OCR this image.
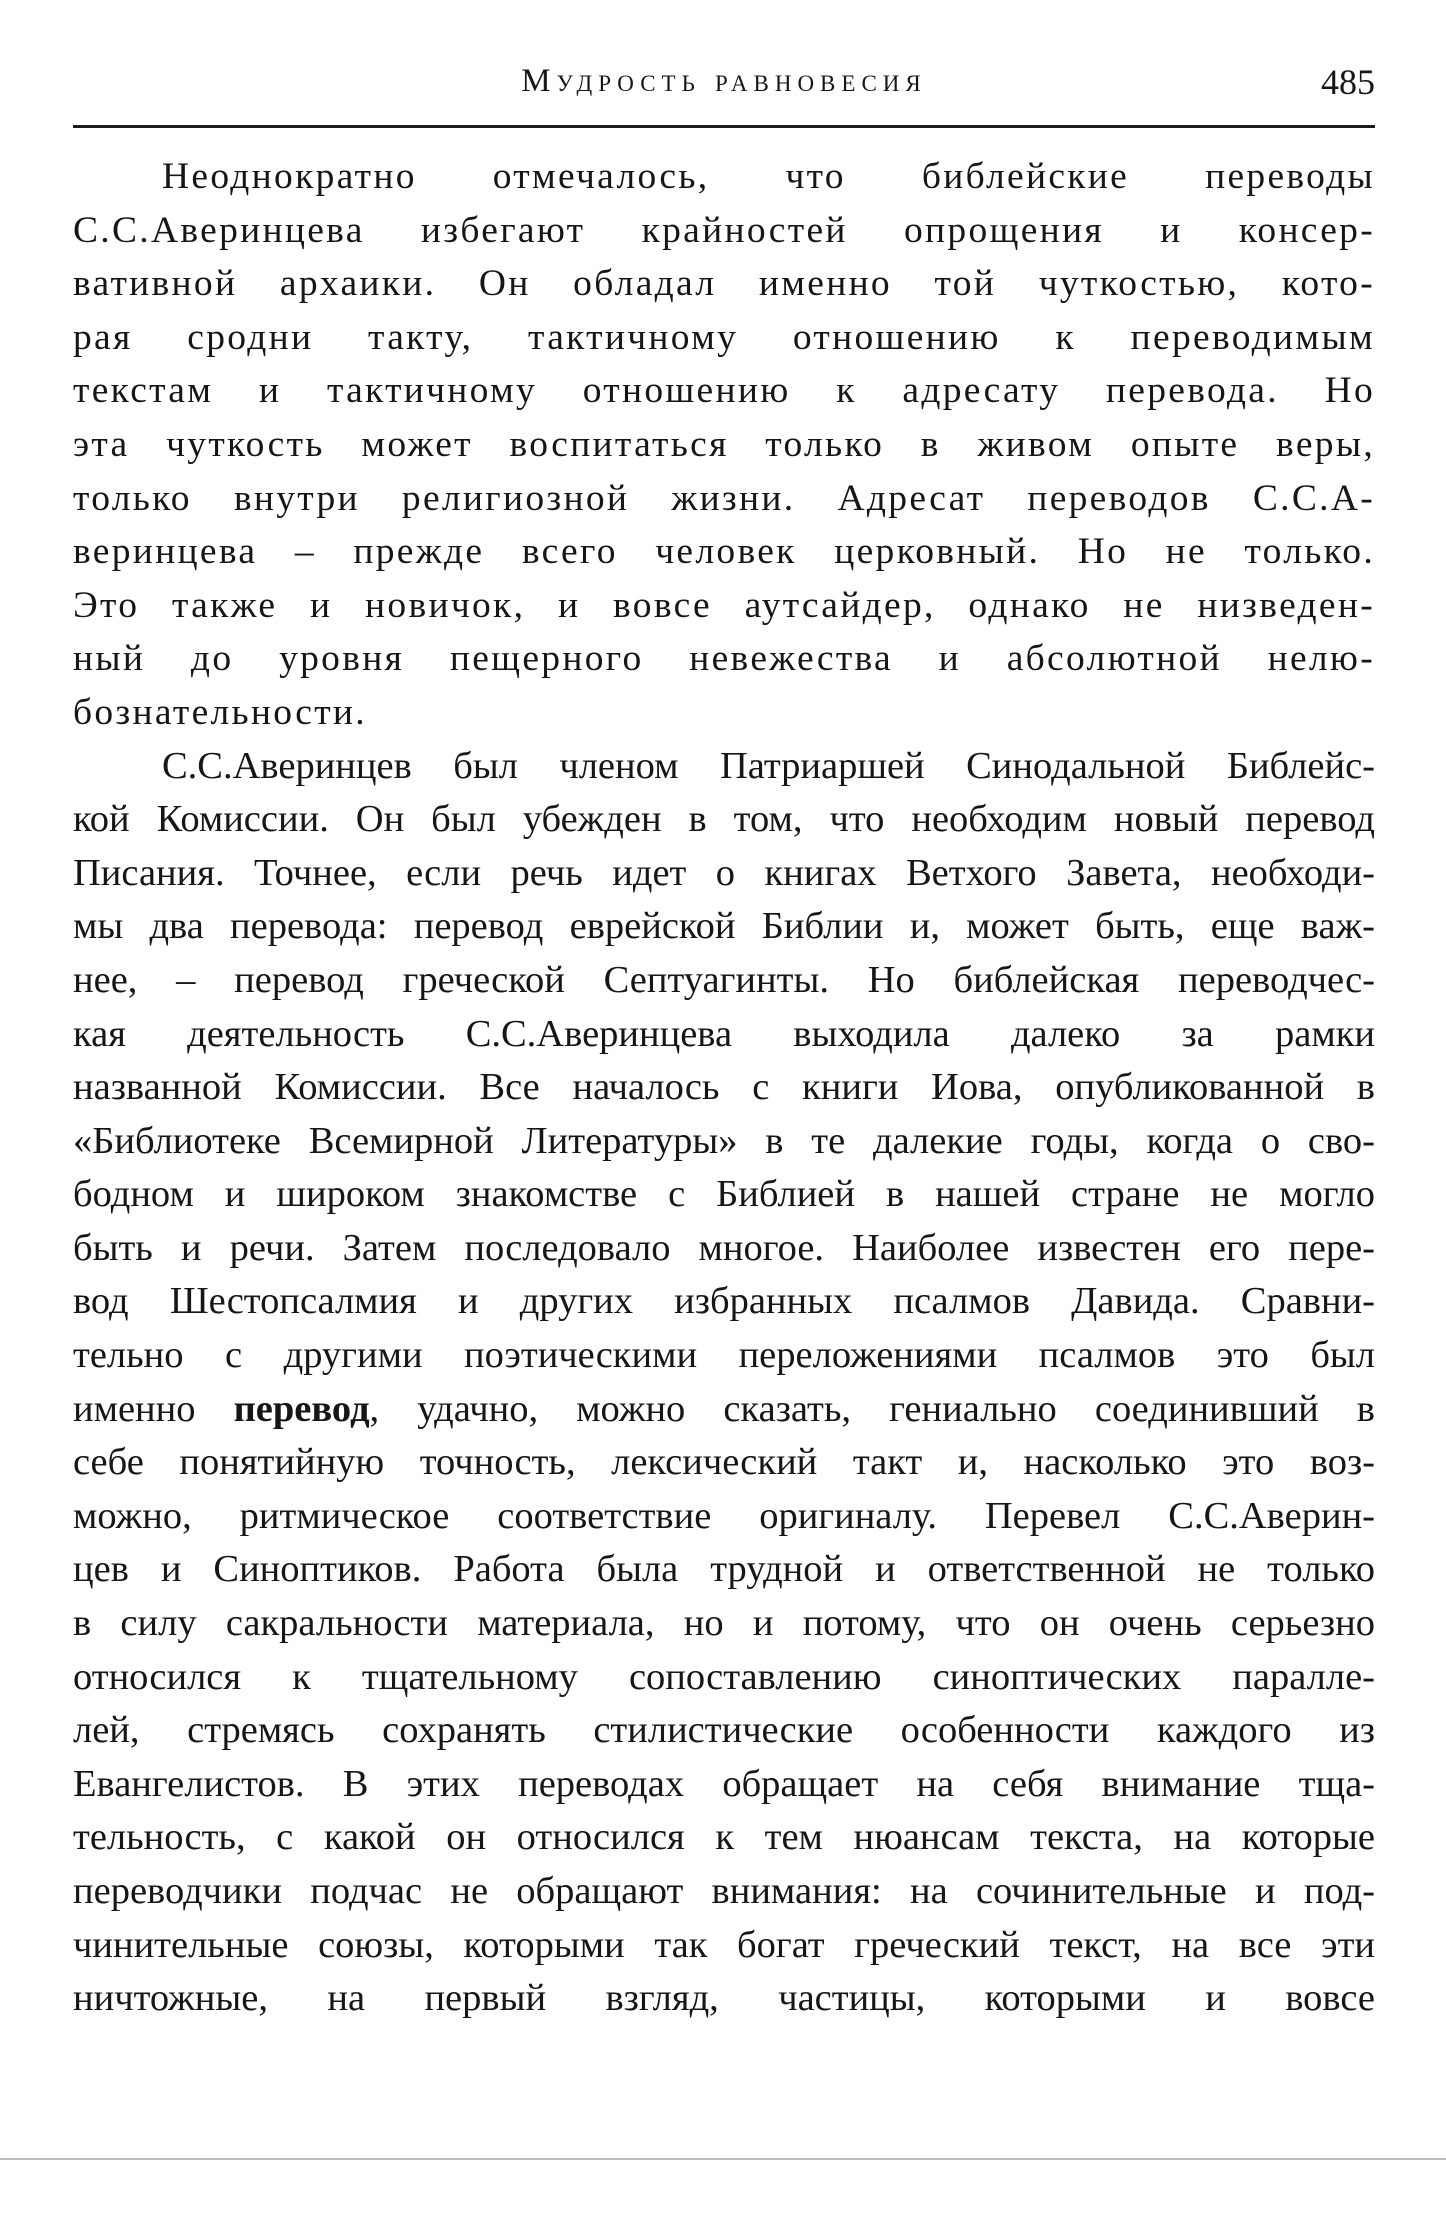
Мудрость равновесия	485
Неоднократно отмечалось, что библейские переводы
С.С.Аверинцева избегают крайностей опрощения и консер-
вативной архаики. Он обладал именно той чуткостью, кото-
рая сродни такту, тактичному отношению к переводимым
текстам и тактичному отношению к адресату перевода. Но
эта чуткость может воспитаться только в живом опыте веры,
только внутри религиозной жизни. Адресат переводов С.С.А-
веринцева – прежде всего человек церковный. Но не только.
Это также и новичок, и вовсе аутсайдер, однако не низведен-
ный до уровня пещерного невежества и абсолютной нелю-
бознательности.
С.С.Аверинцев был членом Патриаршей Синодальной Библейс-
кой Комиссии. Он был убежден в том, что необходим новый перевод
Писания. Точнее, если речь идет о книгах Ветхого Завета, необходи-
мы два перевода: перевод еврейской Библии и, может быть, еще важ-
нее, – перевод греческой Септуагинты. Но библейская переводчес-
кая деятельность С.С.Аверинцева выходила далеко за рамки
названной Комиссии. Все началось с книги Иова, опубликованной в
«Библиотеке Всемирной Литературы» в те далекие годы, когда о сво-
бодном и широком знакомстве с Библией в нашей стране не могло
быть и речи. Затем последовало многое. Наиболее известен его пере-
вод Шестопсалмия и других избранных псалмов Давида. Сравни-
тельно с другими поэтическими переложениями псалмов это был
именно перевод, удачно, можно сказать, гениально соединивший в
себе понятийную точность, лексический такт и, насколько это воз-
можно, ритмическое соответствие оригиналу. Перевел С.С.Аверин-
цев и Синоптиков. Работа была трудной и ответственной не только
в силу сакральности материала, но и потому, что он очень серьезно
относился к тщательному сопоставлению синоптических паралле-
лей, стремясь сохранять стилистические особенности каждого из
Евангелистов. В этих переводах обращает на себя внимание тща-
тельность, с какой он относился к тем нюансам текста, на которые
переводчики подчас не обращают внимания: на сочинительные и под-
чинительные союзы, которыми так богат греческий текст, на все эти
ничтожные, на первый взгляд, частицы, которыми и вовсе
